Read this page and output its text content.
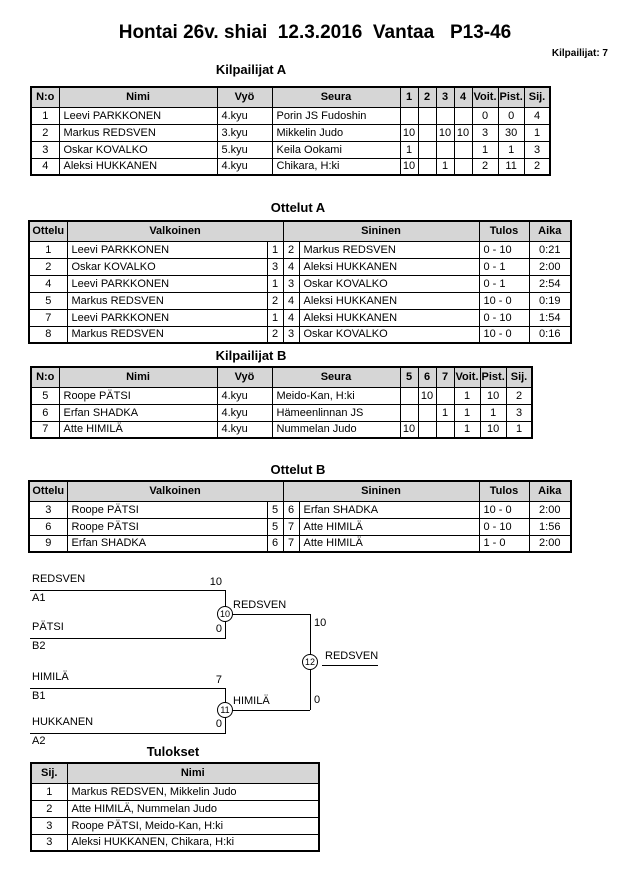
Hontai 26v. shiai  12.3.2016  Vantaa   P13-46
Kilpailijat: 7
Kilpailijat A
N:o	Nimi	Vyö	Seura	1	2	3	4	Voit.	Pist.	Sij.
1	Leevi PARKKONEN	4.kyu	Porin JS Fudoshin					0	0	4
2	Markus REDSVEN	3.kyu	Mikkelin Judo	10		10	10	3	30	1
3	Oskar KOVALKO	5.kyu	Keila Ookami	1				1	1	3
4	Aleksi HUKKANEN	4.kyu	Chikara, H:ki	10		1		2	11	2
Ottelut A
Ottelu	Valkoinen		Sininen		Tulos	Aika
1	Leevi PARKKONEN	1	2	Markus REDSVEN	0 - 10	0:21
2	Oskar KOVALKO	3	4	Aleksi HUKKANEN	0 - 1	2:00
4	Leevi PARKKONEN	1	3	Oskar KOVALKO	0 - 1	2:54
5	Markus REDSVEN	2	4	Aleksi HUKKANEN	10 - 0	0:19
7	Leevi PARKKONEN	1	4	Aleksi HUKKANEN	0 - 10	1:54
8	Markus REDSVEN	2	3	Oskar KOVALKO	10 - 0	0:16
Kilpailijat B
N:o	Nimi	Vyö	Seura	5	6	7	Voit.	Pist.	Sij.
5	Roope PÄTSI	4.kyu	Meido-Kan, H:ki		10		1	10	2
6	Erfan SHADKA	4.kyu	Hämeenlinnan JS			1	1	1	3
7	Atte HIMILÄ	4.kyu	Nummelan Judo	10			1	10	1
Ottelut B
Ottelu	Valkoinen		Sininen		Tulos	Aika
3	Roope PÄTSI	5	6	Erfan SHADKA	10 - 0	2:00
6	Roope PÄTSI	5	7	Atte HIMILÄ	0 - 10	1:56
9	Erfan SHADKA	6	7	Atte HIMILÄ	1 - 0	2:00
REDSVEN
A1
10
PÄTSI
B2
0
10
REDSVEN
10
0
12 REDSVEN
HIMILÄ
B1
7
HUKKANEN
A2
0
11
HIMILÄ
Tulokset
Sij.	Nimi
1	Markus REDSVEN, Mikkelin Judo
2	Atte HIMILÄ, Nummelan Judo
3	Roope PÄTSI, Meido-Kan, H:ki
3	Aleksi HUKKANEN, Chikara, H:ki
